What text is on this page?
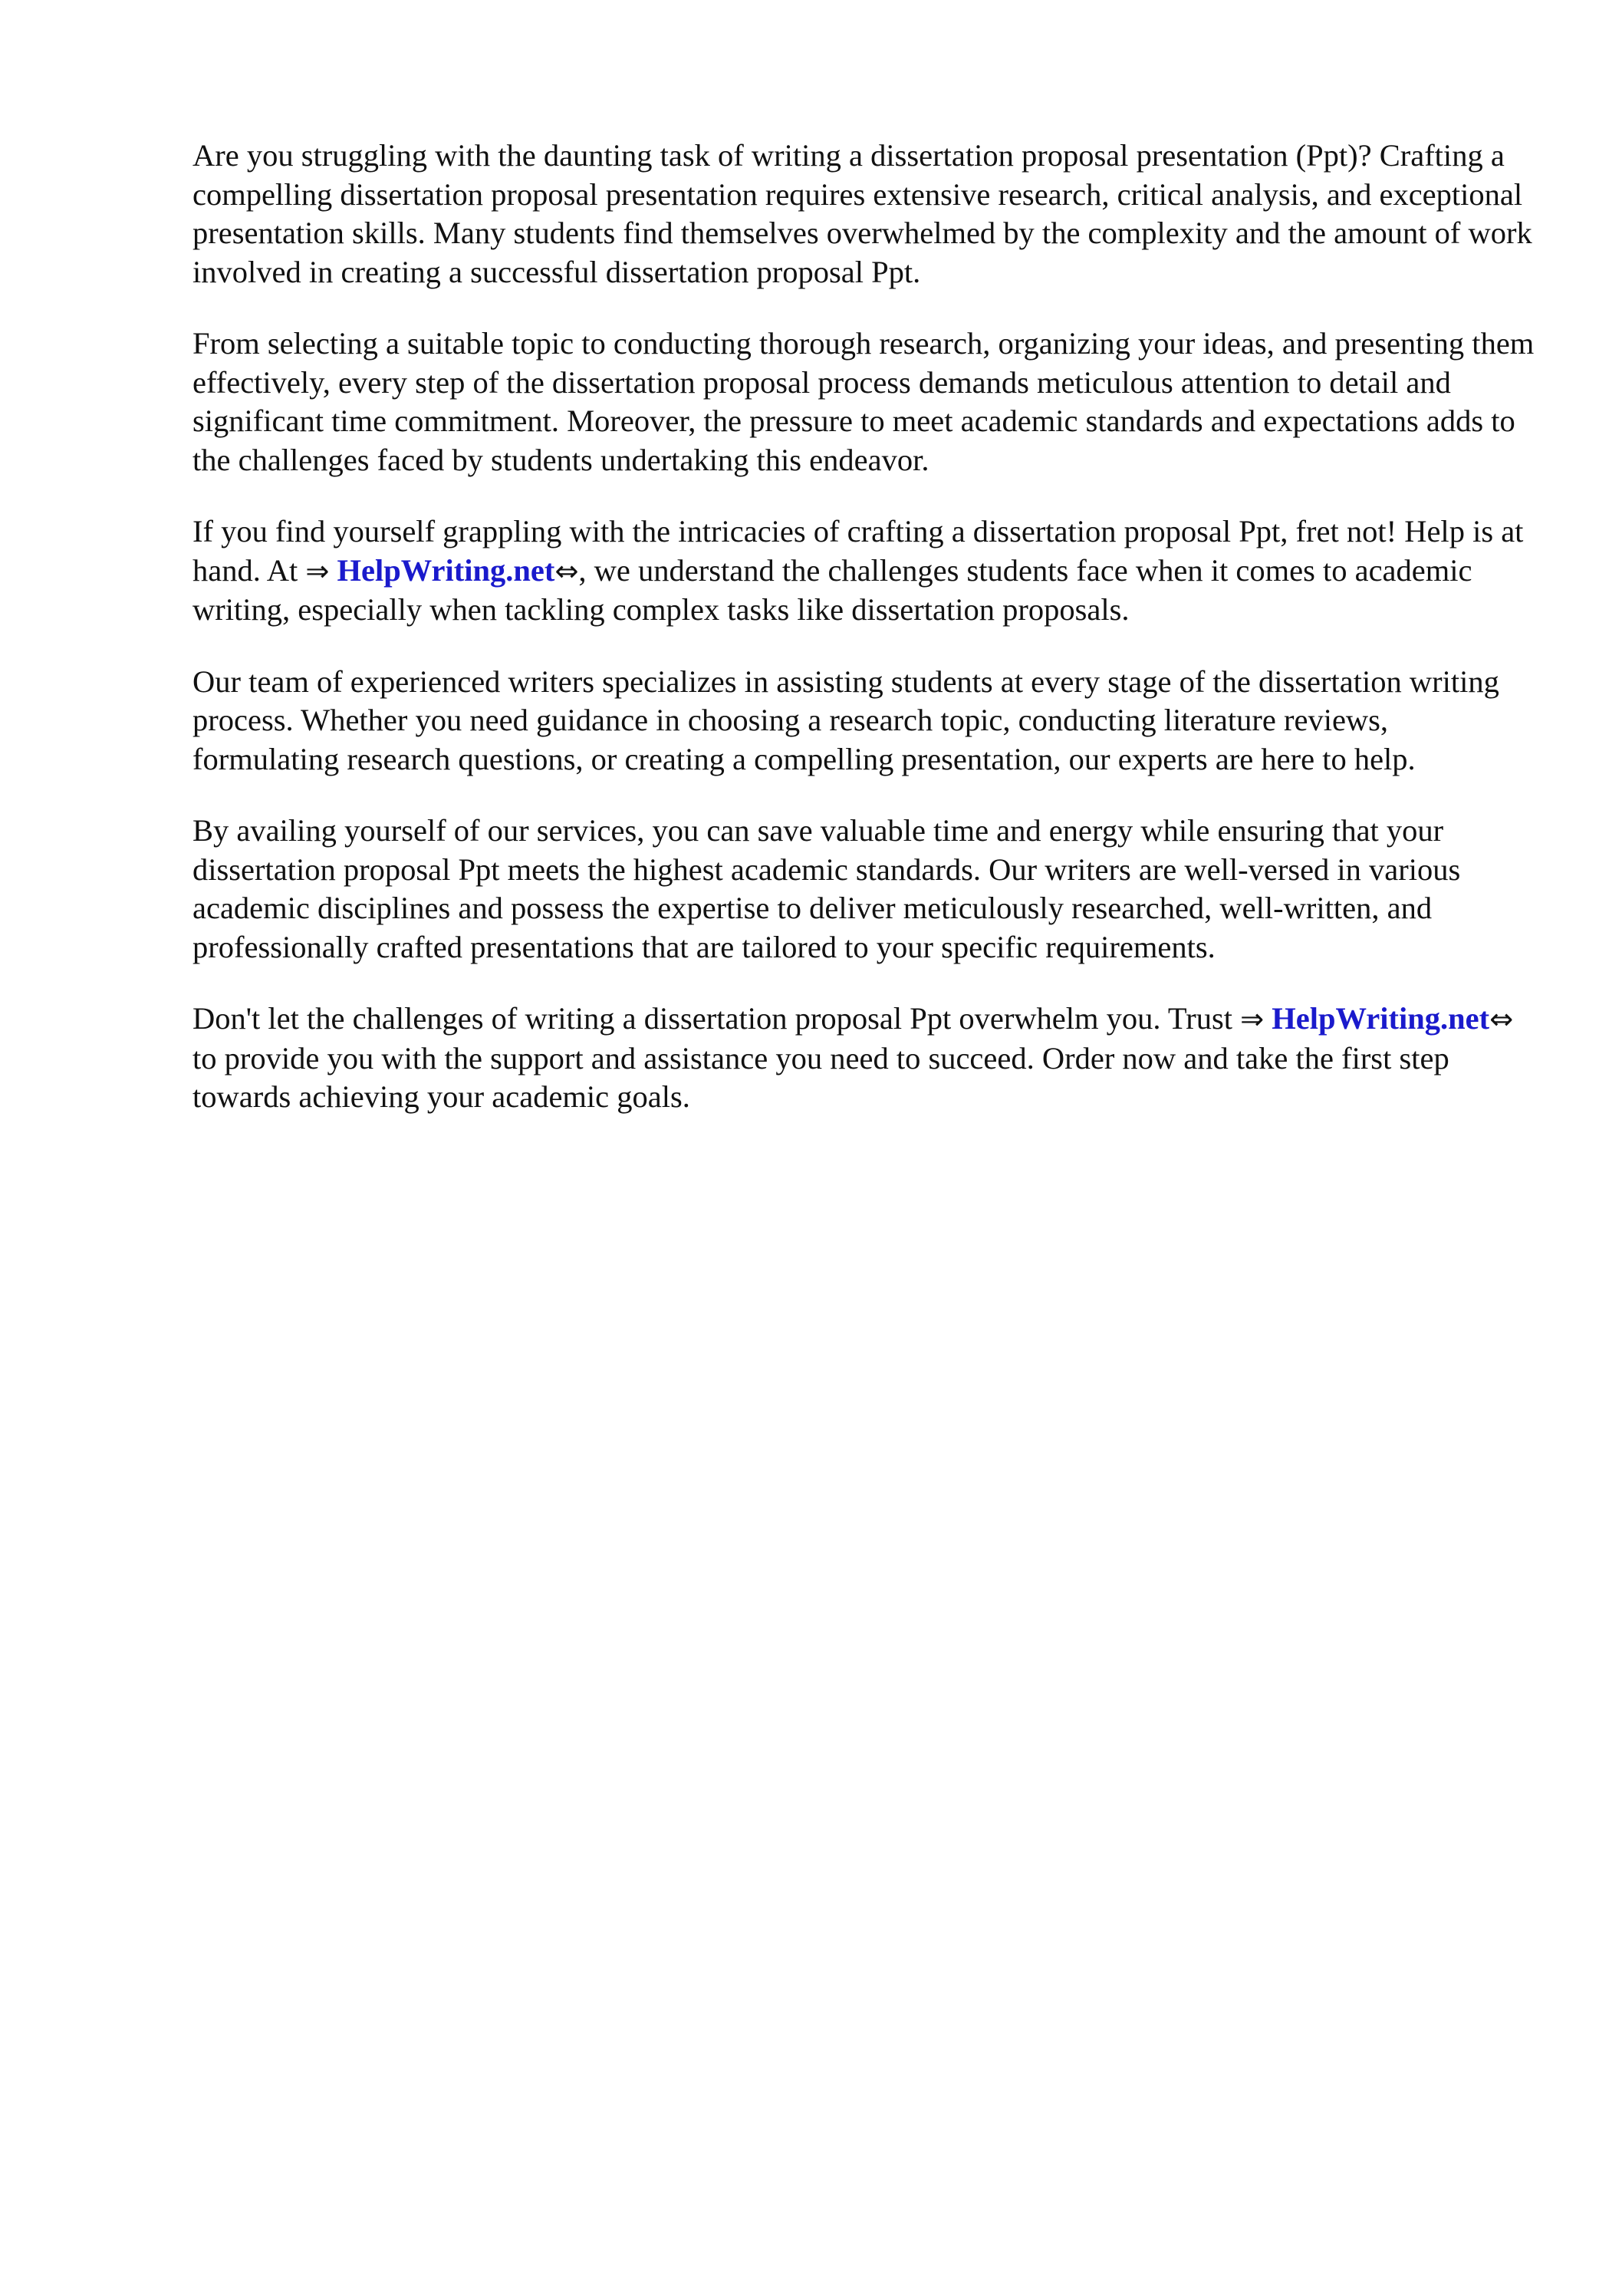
Are you struggling with the daunting task of writing a dissertation proposal presentation (Ppt)? Crafting a compelling dissertation proposal presentation requires extensive research, critical analysis, and exceptional presentation skills. Many students find themselves overwhelmed by the complexity and the amount of work involved in creating a successful dissertation proposal Ppt.

From selecting a suitable topic to conducting thorough research, organizing your ideas, and presenting them effectively, every step of the dissertation proposal process demands meticulous attention to detail and significant time commitment. Moreover, the pressure to meet academic standards and expectations adds to the challenges faced by students undertaking this endeavor.

If you find yourself grappling with the intricacies of crafting a dissertation proposal Ppt, fret not! Help is at hand. At ⇒ HelpWriting.net⇔, we understand the challenges students face when it comes to academic writing, especially when tackling complex tasks like dissertation proposals.

Our team of experienced writers specializes in assisting students at every stage of the dissertation writing process. Whether you need guidance in choosing a research topic, conducting literature reviews, formulating research questions, or creating a compelling presentation, our experts are here to help.

By availing yourself of our services, you can save valuable time and energy while ensuring that your dissertation proposal Ppt meets the highest academic standards. Our writers are well-versed in various academic disciplines and possess the expertise to deliver meticulously researched, well-written, and professionally crafted presentations that are tailored to your specific requirements.

Don't let the challenges of writing a dissertation proposal Ppt overwhelm you. Trust ⇒ HelpWriting.net⇔ to provide you with the support and assistance you need to succeed. Order now and take the first step towards achieving your academic goals.
